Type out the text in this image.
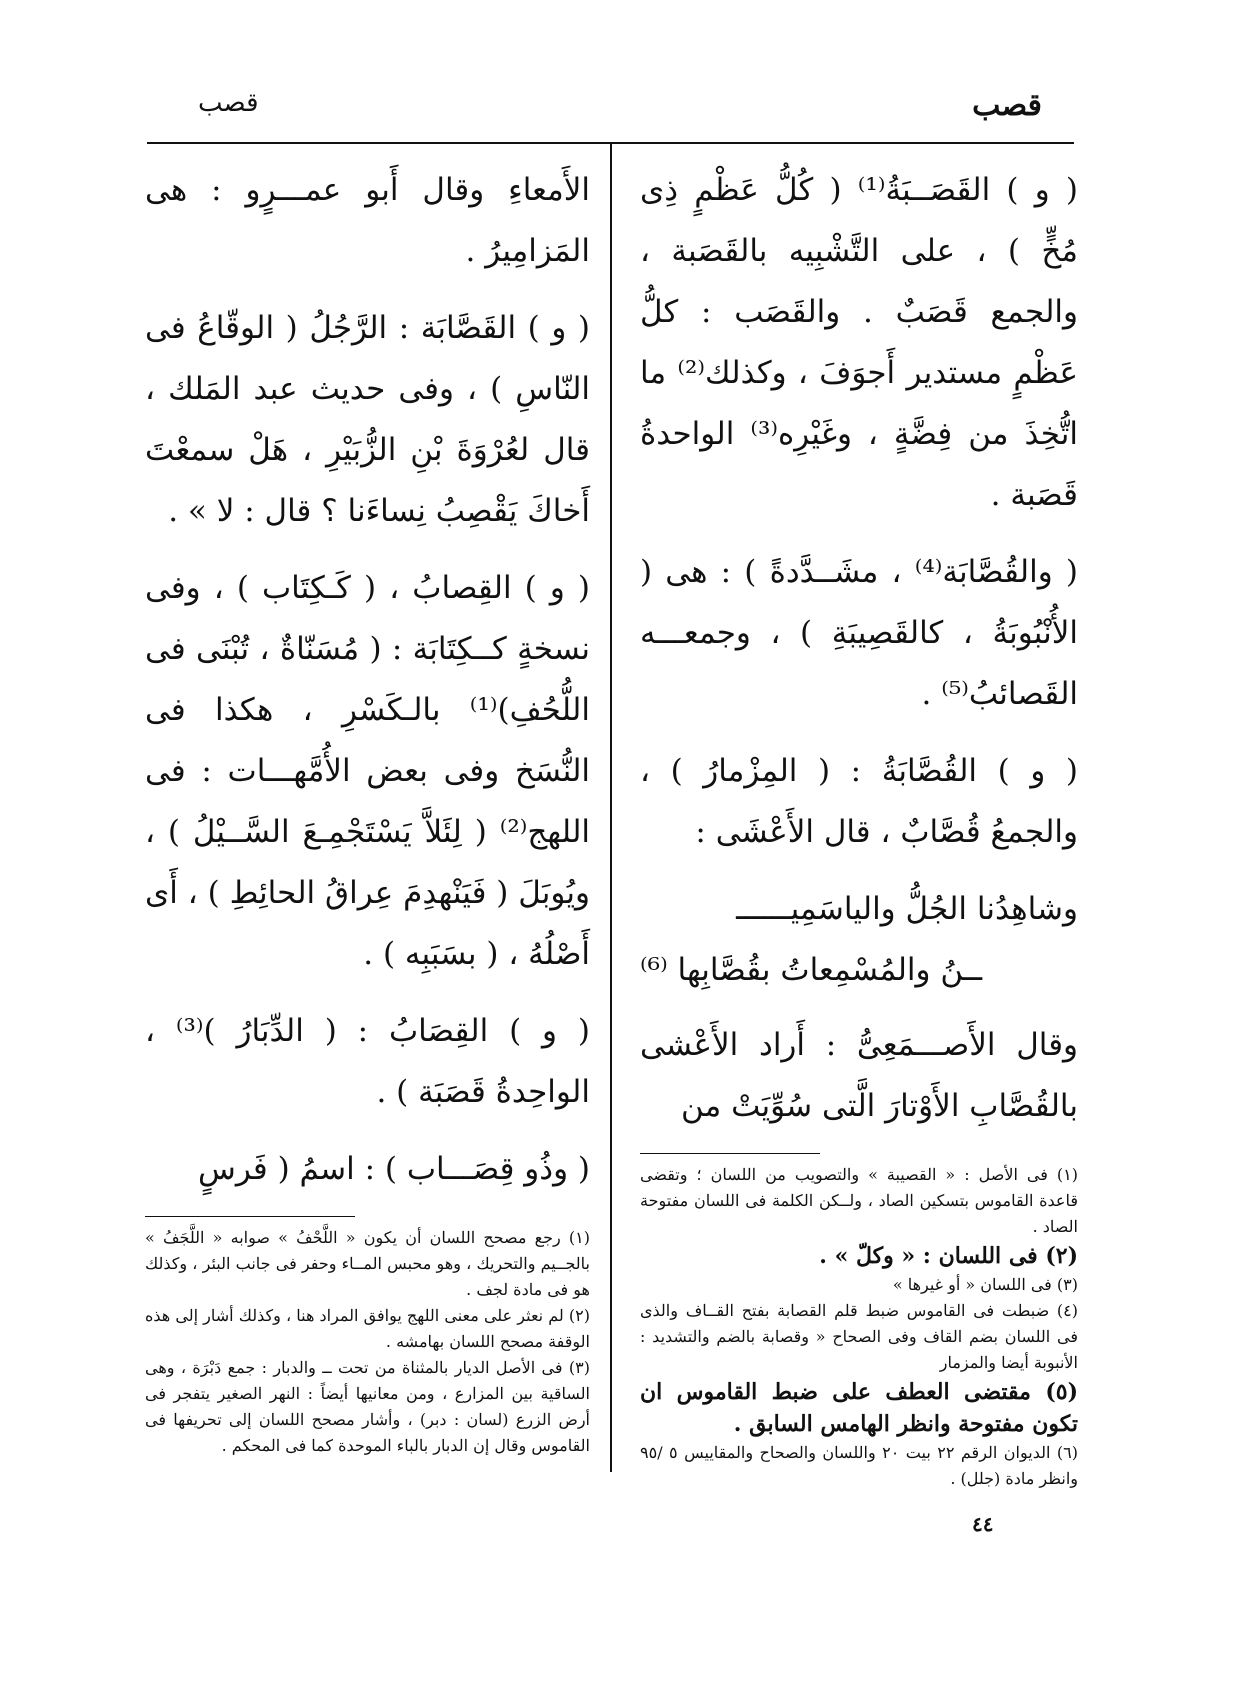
قصب
قصب

( و ) القَصَــبَةُ⁽¹⁾ ( كُلُّ عَظْمٍ ذِى مُخٍّ ) ، على التَّشْبِيه بالقَصَبة ، والجمع قَصَبٌ . والقَصَب : كلُّ عَظْمٍ مستدير أَجوَفَ ، وكذلك⁽²⁾ ما اتُّخِذَ من فِضَّةٍ ، وغَيْرِه⁽³⁾ الواحدةُ قَصَبة .

( والقُصَّابَة⁽⁴⁾ ، مشَــدَّدةً ) : هى ( الأُنْبُوبَةُ ، كالقَصِيبَةِ ) ، وجمعـــه القَصائبُ⁽⁵⁾ .

( و ) القُصَّابَةُ : ( المِزْمارُ ) ، والجمعُ قُصَّابٌ ، قال الأَعْشَى :

وشاهِدُنا الجُلُّ والياسَمِيــــــ

ــنُ والمُسْمِعاتُ بقُصَّابِها ⁽⁶⁾

وقال الأَصـــمَعِىُّ : أَراد الأَعْشى بالقُصَّابِ الأَوْتارَ الَّتى سُوِّيَتْ من

(١) فى الأصل : « القصيبة » والتصويب من اللسان ؛ وتقضى قاعدة القاموس بتسكين الصاد ، ولــكن الكلمة فى اللسان مفتوحة الصاد .

(٢) فى اللسان : « وكلّ » .

(٣) فى اللسان « أو غيرها »

(٤) ضبطت فى القاموس ضبط قلم القصابة بفتح القــاف والذى فى اللسان بضم القاف وفى الصحاح « وقصابة بالضم والتشديد : الأنبوبة أيضا والمزمار

(٥) مقتضى العطف على ضبط القاموس ان تكون مفتوحة وانظر الهامس السابق .

(٦) الديوان الرقم ٢٢ بيت ٢٠ واللسان والصحاح والمقاييس ٥ /٩٥ وانظر مادة (جلل) .

الأَمعاءِ وقال أَبو عمـــرٍو : هى المَزامِيرُ .

( و ) القَصَّابَة : الرَّجُلُ ( الوقّاعُ فى النّاسِ ) ، وفى حديث عبد المَلك ، قال لعُرْوَةَ بْنِ الزُّبَيْرِ ، هَلْ سمعْتَ أَخاكَ يَقْصِبُ نِساءَنا ؟ قال : لا » .

( و ) القِصابُ ، ( كَـكِتَاب ) ، وفى نسخةٍ كــكِتَابَة : ( مُسَنّاةٌ ، تُبْنَى فى اللُّحُفِ)⁽¹⁾ بالـكَسْرِ ، هكذا فى النُّسَخ وفى بعض الأُمَّهـــات : فى اللهج⁽²⁾ ( لِئَلاَّ يَسْتَجْمِـعَ السَّــيْلُ ) ، ويُوبَلَ ( فَيَنْهدِمَ عِراقُ الحائِطِ ) ، أَى أَصْلُهُ ، ( بسَبَبِه ) .

( و ) القِصَابُ : ( الدِّبَارُ )⁽³⁾ ، الواحِدةُ قَصَبَة ) .

( وذُو قِصَـــاب ) : اسمُ ( فَرسٍ

(١) رجع مصحح اللسان أن يكون « اللَّحْفُ » صوابه « اللَّجَفُ » بالجــيم والتحريك ، وهو محبس المــاء وحفر فى جانب البئر ، وكذلك هو فى مادة لجف .

(٢) لم نعثر على معنى اللهج يوافق المراد هنا ، وكذلك أشار إلى هذه الوقفة مصحح اللسان بهامشه .

(٣) فى الأصل الديار بالمثناة من تحت ــ والدبار : جمع دَبْرَة ، وهى الساقية بين المزارع ، ومن معانيها أيضاً : النهر الصغير يتفجر فى أرض الزرع (لسان : دبر) ، وأشار مصحح اللسان إلى تحريفها فى القاموس وقال إن الدبار بالباء الموحدة كما فى المحكم .

٤٤
